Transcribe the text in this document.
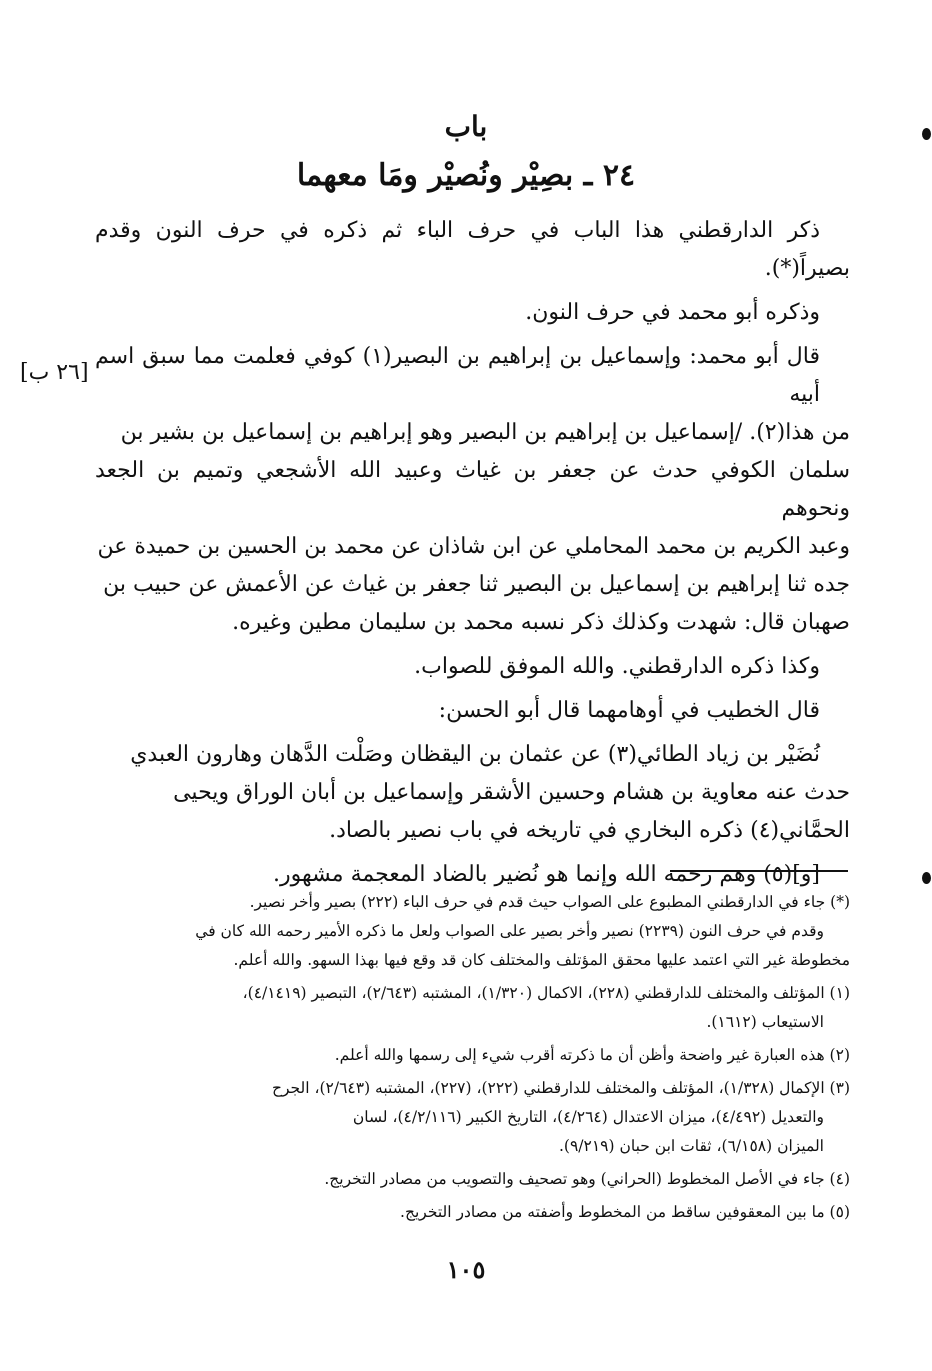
باب
٢٤ ـ بصِيْر ونُصيْر ومَا معهما

ذكر الدارقطني هذا الباب في حرف الباء ثم ذكره في حرف النون وقدم بصيراً(*).

وذكره أبو محمد في حرف النون.

قال أبو محمد: وإسماعيل بن إبراهيم بن البصير(١) كوفي فعلمت مما سبق اسم أبيه
من هذا(٢). /إسماعيل بن إبراهيم بن البصير وهو إبراهيم بن إسماعيل بن بشير بن
سلمان الكوفي حدث عن جعفر بن غياث وعبيد الله الأشجعي وتميم بن الجعد ونحوهم
وعبد الكريم بن محمد المحاملي عن ابن شاذان عن محمد بن الحسين بن حميدة عن
جده ثنا إبراهيم بن إسماعيل بن البصير ثنا جعفر بن غياث عن الأعمش عن حبيب بن
صهبان قال: شهدت وكذلك ذكر نسبه محمد بن سليمان مطين وغيره.

وكذا ذكره الدارقطني. والله الموفق للصواب.

قال الخطيب في أوهامهما قال أبو الحسن:

نُضَيْر بن زياد الطائي(٣) عن عثمان بن اليقظان وصَلْت الدَّهان وهارون العبدي
حدث عنه معاوية بن هشام وحسين الأشقر وإسماعيل بن أبان الوراق ويحيى
الحمَّاني(٤) ذكره البخاري في تاريخه في باب نصير بالصاد.

[و](٥) وهم رحمه الله وإنما هو نُضير بالضاد المعجمة مشهور.

[٢٦ ب]
(*) جاء في الدارقطني المطبوع على الصواب حيث قدم في حرف الباء (٢٢٢) بصير وأخر نصير.
وقدم في حرف النون (٢٢٣٩) نصير وأخر بصير على الصواب ولعل ما ذكره الأمير رحمه الله كان في
مخطوطة غير التي اعتمد عليها محقق المؤتلف والمختلف كان قد وقع فيها بهذا السهو. والله أعلم.
(١) المؤتلف والمختلف للدارقطني (٢٢٨)، الاكمال (١/٣٢٠)، المشتبه (٢/٦٤٣)، التبصير (٤/١٤١٩)،
الاستيعاب (١٦١٢).
(٢) هذه العبارة غير واضحة وأظن أن ما ذكرته أقرب شيء إلى رسمها والله أعلم.
(٣) الإكمال (١/٣٢٨)، المؤتلف والمختلف للدارقطني (٢٢٢)، (٢٢٧)، المشتبه (٢/٦٤٣)، الجرح
والتعديل (٤/٤٩٢)، ميزان الاعتدال (٤/٢٦٤)، التاريخ الكبير (٤/٢/١١٦)، لسان
الميزان (٦/١٥٨)، ثقات ابن حبان (٩/٢١٩).
(٤) جاء في الأصل المخطوط (الحراني) وهو تصحيف والتصويب من مصادر التخريج.
(٥) ما بين المعقوفين ساقط من المخطوط وأضفته من مصادر التخريج.
١٠٥
